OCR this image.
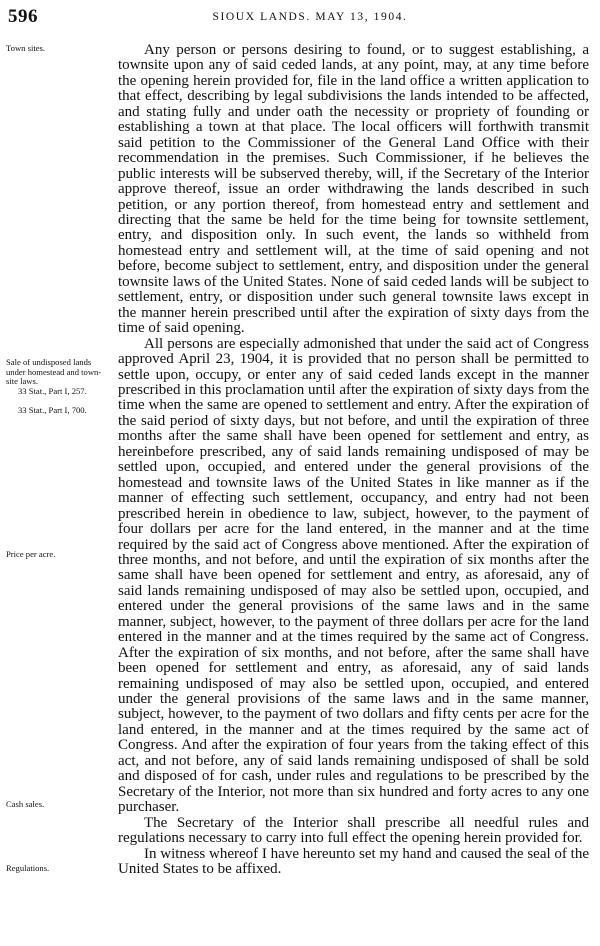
596	SIOUX LANDS. MAY 13, 1904.
Town sites.
Sale of undisposed lands under homestead and town-site laws.
33 Stat., Part I, 257.
33 Stat., Part I, 700.
Price per acre.
Cash sales.
Regulations.

Any person or persons desiring to found, or to suggest establishing, a townsite upon any of said ceded lands, at any point, may, at any time before the opening herein provided for, file in the land office a written application to that effect, describing by legal subdivisions the lands intended to be affected, and stating fully and under oath the necessity or propriety of founding or establishing a town at that place. The local officers will forthwith transmit said petition to the Commissioner of the General Land Office with their recommendation in the premises. Such Commissioner, if he believes the public interests will be subserved thereby, will, if the Secretary of the Interior approve thereof, issue an order withdrawing the lands described in such petition, or any portion thereof, from homestead entry and settlement and directing that the same be held for the time being for townsite settlement, entry, and disposition only. In such event, the lands so withheld from homestead entry and settlement will, at the time of said opening and not before, become subject to settlement, entry, and disposition under the general townsite laws of the United States. None of said ceded lands will be subject to settlement, entry, or disposition under such general townsite laws except in the manner herein prescribed until after the expiration of sixty days from the time of said opening.

All persons are especially admonished that under the said act of Congress approved April 23, 1904, it is provided that no person shall be permitted to settle upon, occupy, or enter any of said ceded lands except in the manner prescribed in this proclamation until after the expiration of sixty days from the time when the same are opened to settlement and entry. After the expiration of the said period of sixty days, but not before, and until the expiration of three months after the same shall have been opened for settlement and entry, as hereinbefore prescribed, any of said lands remaining undisposed of may be settled upon, occupied, and entered under the general provisions of the homestead and townsite laws of the United States in like manner as if the manner of effecting such settlement, occupancy, and entry had not been prescribed herein in obedience to law, subject, however, to the payment of four dollars per acre for the land entered, in the manner and at the time required by the said act of Congress above mentioned. After the expiration of three months, and not before, and until the expiration of six months after the same shall have been opened for settlement and entry, as aforesaid, any of said lands remaining undisposed of may also be settled upon, occupied, and entered under the general provisions of the same laws and in the same manner, subject, however, to the payment of three dollars per acre for the land entered in the manner and at the times required by the same act of Congress. After the expiration of six months, and not before, after the same shall have been opened for settlement and entry, as aforesaid, any of said lands remaining undisposed of may also be settled upon, occupied, and entered under the general provisions of the same laws and in the same manner, subject, however, to the payment of two dollars and fifty cents per acre for the land entered, in the manner and at the times required by the same act of Congress. And after the expiration of four years from the taking effect of this act, and not before, any of said lands remaining undisposed of shall be sold and disposed of for cash, under rules and regulations to be prescribed by the Secretary of the Interior, not more than six hundred and forty acres to any one purchaser.

The Secretary of the Interior shall prescribe all needful rules and regulations necessary to carry into full effect the opening herein provided for.

In witness whereof I have hereunto set my hand and caused the seal of the United States to be affixed.
